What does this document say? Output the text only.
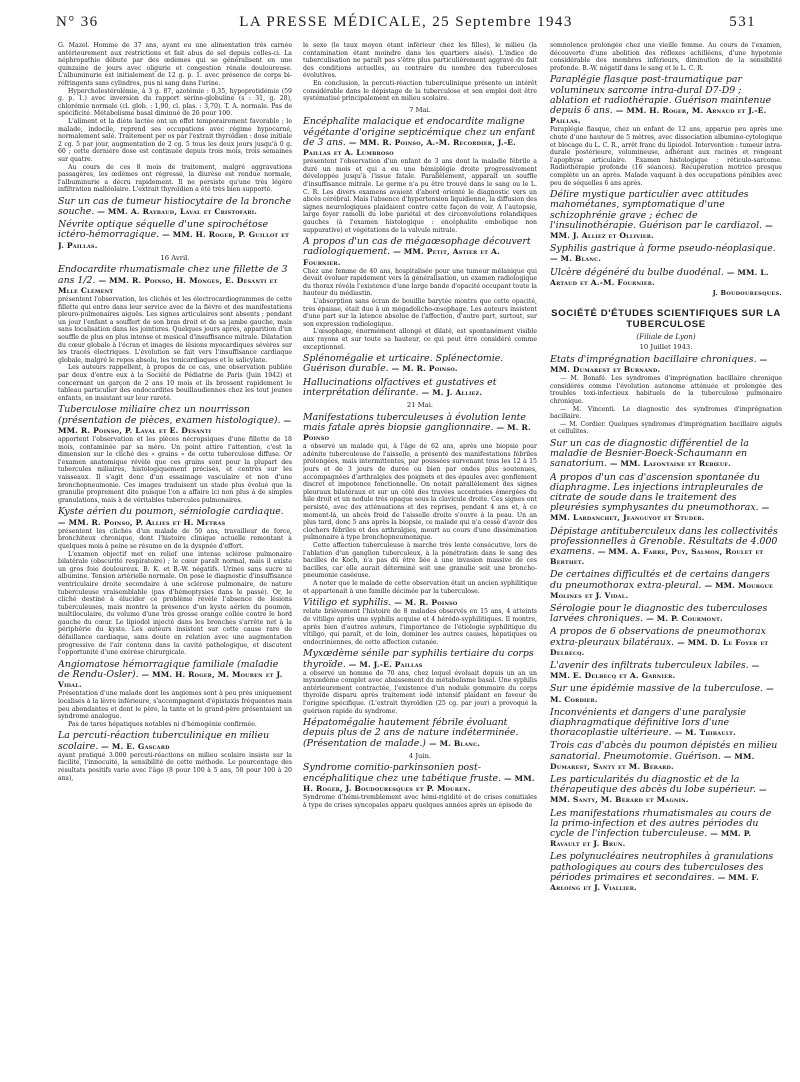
N° 36	LA PRESSE MÉDICALE, 25 Septembre 1943	531

G. Mazel. Homme de 37 ans, ayant eu une alimentation très carnée antérieurement aux restrictions et fait abus de sel depuis celles-ci. La néphropathie débute par des œdèmes qui se généralisent en une quinzaine de jours avec oligurie et congestion rénale douloureuse. L'albuminurie est initialement de 12 g. p. 1. avec présence de corps bi-réfringents sans cylindres, pus ni sang dans l'urine.

Hypercholestérolémie, à 3 g. 87, azotémie : 0,35, hypoprotidémie (59 g. p. 1.) avec inversion du rapport sérine-globuline (s : 31, g. 28), chlorémie normale (cl. glob. : 1,90, cl. plas. : 3,70). T. A. normale. Pas de spécificité. Métabolisme basal diminué de 26 pour 100.

L'aliment et la diète lactée ont un effet temporairement favorable ; le malade, indocile, reprend ses occupations avec régime hypocarné, normalement salé. Traitement per os par l'extrait thyroïdien : dose initiale 2 cg. 5 par jour, augmentation de 2 cg. 5 tous les deux jours jusqu'à 0 g. 60 ; cette dernière dose est continuée depuis trois mois, trois semaines sur quatre.

Au cours de ces 8 mois de traitement, malgré aggravations passagères, les œdèmes ont régressé, la diurèse est rendue normale, l'albuminurie a décru rapidement. Il ne persiste qu'une très légère infiltration malléolaire. L'extrait thyroïdien a été très bien supporté.

Sur un cas de tumeur histiocytaire de la bronche souche. — MM. A. Raybaud, Laval et Cristofari.

Névrite optique séquelle d'une spirochétose ictéro-hémorragique. — MM. H. Roger, P. Guillot et J. Paillas.

16 Avril.

Endocardite rhumatismale chez une fillette de 3 ans 1/2. — MM. R. Poinso, H. Monges, E. Desanti et Mlle Clément

présentent l'observation, les clichés et les électrocardiogrammes de cette fillette qui entre dans leur service avec de la fièvre et des manifestations pleuro-pulmonaires aiguës. Les signes articulaires sont absents ; pendant un jour l'enfant a souffert de son bras droit et de sa jambe gauche, mais sans localisation dans les jointures. Quelques jours après, apparition d'un souffle de plus en plus intense et musical d'insuffisance mitrale. Dilatation du cœur globale à l'écran et images de lésions myocardiques sévères sur les tracés électriques. L'évolution se fait vers l'insuffisance cardiaque globale, malgré le repos absolu, les tonicardiaques et le salicylate.

Les auteurs rappellent, à propos de ce cas, une observation publiée par deux d'entre eux à la Société de Pédiatrie de Paris (Juin 1942) et concernant un garçon de 2 ans 10 mois et ils brossent rapidement le tableau particulier des endocardites bouillaudiennes chez les tout jeunes enfants, en insistant sur leur rareté.

Tuberculose miliaire chez un nourrisson (présentation de pièces, examen histologique). — MM. R. Poinso, P. Laval et E. Desanti

apportent l'observation et les pièces nécropsiques d'une fillette de 18 mois, contaminée par sa mère. Un point attire l'attention, c'est la dimension sur le cliché des « grains » de cette tuberculose diffuse. Or l'examen anatomique révèle que ces grains sont pour la plupart des tubercules miliaires, histologiquement précisés, et centrés sur les vaisseaux. Il s'agit donc d'un essaimage vasculaire et non d'une bronchopneumonie. Ces images traduisent un stade plus évolué que la granulie proprement dite puisque l'on a affaire ici non plus à de simples granulations, mais à de véritables tubercules pulmonaires.

Kyste aérien du poumon, sémiologie cardiaque. — MM. R. Poinso, P. Allies et H. Metras

présentent les clichés d'un malade de 50 ans, travailleur de force, bronchiteux chronique, dont l'histoire clinique actuelle remontant à quelques mois à peine se résume en de la dyspnée d'effort.

L'examen objectif met en relief une intense sclérose pulmonaire bilatérale (obscurité respiratoire) ; le cœur paraît normal, mais il existe un gros foie douloureux. B. K. et B.-W. négatifs. Urines sans sucre ni albumine. Tension artérielle normale. On pose le diagnostic d'insuffisance ventriculaire droite secondaire à une sclérose pulmonaire, de nature tuberculeuse vraisemblable (pas d'hémoptysies dans le passé). Or, le cliché destiné à élucider ce problème révèle l'absence de lésions tuberculeuses, mais montre la présence d'un kyste aérien du poumon, multiloculaire, du volume d'une très grosse orange collée contre le bord gauche du cœur. Le lipiodol injecté dans les bronches s'arrête net à la périphérie du kyste. Les auteurs insistent sur cette cause rare de défaillance cardiaque, sans doute en relation avec une augmentation progressive de l'air contenu dans la cavité pathologique, et discutent l'opportunité d'une exérèse chirurgicale.

Angiomatose hémorragique familiale (maladie de Rendu-Osler). — MM. H. Roger, M. Mouren et J. Vidal.

Présentation d'une malade dont les angiomes sont à peu près uniquement localisés à la lèvre inférieure, s'accompagnent d'épistaxis fréquentes mais peu abondantes et dont le père, la tante et le grand-père présentaient un syndrome analogue.

Pas de tares hépatiques notables ni d'hémogénie confirmée.

La percuti-réaction tuberculinique en milieu scolaire. — M. E. Gascard

ayant pratiqué 3.000 percuti-réactions en milieu scolaire insiste sur la facilité, l'innocuité, la sensibilité de cette méthode. Le pourcentage des résultats positifs varie avec l'âge (8 pour 100 à 5 ans, 58 pour 100 à 20 ans),

le sexe (le taux moyen étant inférieur chez les filles), le milieu (la contamination étant moindre dans les quartiers aisés). L'indice de tuberculisation ne paraît pas s'être plus particulièrement aggravé du fait des conditions actuelles, au contraire du nombre des tuberculoses évolutives.

En conclusion, la percuti-réaction tuberculinique présente un intérêt considérable dans le dépistage de la tuberculose et son emploi doit être systématisé principalement en milieu scolaire.

7 Mai.

Encéphalite malacique et endocardite maligne végétante d'origine septicémique chez un enfant de 3 ans. — MM. R. Poinso, A.-M. Recordier, J.-E. Paillas et A. Lumbroso

présentent l'observation d'un enfant de 3 ans dont la maladie fébrile a duré un mois et qui a eu une hémiplégie droite progressivement développée jusqu'à l'issue fatale. Parallèlement, apparaît un souffle d'insuffisance mitrale. Le germe n'a pu être trouvé dans le sang ou le L. C. R. Les divers examens avaient d'abord orienté le diagnostic vers un abcès cérébral. Mais l'absence d'hypertension liquidienne, la diffusion des signes neurologiques plaidaient contre cette façon de voir. A l'autopsie, large foyer ramolli du lobe pariétal et des circonvolutions rolandiques gauches (à l'examen histologique : encéphalite embolique non suppurative) et végétations de la valvule mitrale.

A propos d'un cas de mégaœsophage découvert radiologiquement. — MM. Petit, Astier et A. Fournier.

Chez une femme de 40 ans, hospitalisée pour une tumeur mélanique qui devait évoluer rapidement vers la généralisation, un examen radiologique du thorax révéla l'existence d'une large bande d'opacité occupant toute la hauteur du médiastin.

L'absorption sans écran de bouillie barytée montra que cette opacité, très épaisse, était due à un mégadolicho-œsophage. Les auteurs insistent d'une part sur la latence absolue de l'affection, d'autre part, surtout, sur son expression radiologique.

L'œsophage, énormément allongé et dilaté, est spontanément visible aux rayons et sur toute sa hauteur, ce qui peut être considéré comme exceptionnel.

Splénomégalie et urticaire. Splénectomie. Guérison durable. — M. R. Poinso.

Hallucinations olfactives et gustatives et interprétation délirante. — M. J. Alliez.

21 Mai.

Manifestations tuberculeuses à évolution lente mais fatale après biopsie ganglionnaire. — M. R. Poinso

a observé un malade qui, à l'âge de 62 ans, après une biopsie pour adénite tuberculeuse de l'aisselle, a présenté des manifestations fébriles prolongées, mais intermittentes, par poussées survenant tous les 12 à 15 jours et de 3 jours de durée ou bien par ondes plus soutenues, accompagnées d'arthralgies des poignets et des épaules avec gonflement discret et impotence fonctionnelle. On notait parallèlement des signes pleuraux bilatéraux et sur un côté des travées accentuées émergées du hile droit et un nodule très opaque sous la clavicule droite. Ces signes ont persisté, avec des atténuations et des reprises, pendant 4 ans et, à ce moment-là, un abcès froid de l'aisselle droite s'ouvre à la peau. Un an plus tard, donc 5 ans après la biopsie, ce malade qui n'a cessé d'avoir des clochers fébriles et des arthralgies, meurt au cours d'une dissémination pulmonaire à type bronchopneumonique.

Cette affection tuberculeuse à marche très lente consécutive, lors de l'ablation d'un ganglion tuberculeux, à la pénétration dans le sang des bacilles de Koch, n'a pas dû être liée à une invasion massive de ces bacilles, car elle aurait déterminé soit une granulie soit une broncho-pneumonie caséeuse.

A noter que le malade de cette observation était un ancien syphilitique et appartenait à une famille décimée par la tuberculose.

Vitiligo et syphilis. — M. R. Poinso

relate brièvement l'histoire de 8 malades observés en 15 ans, 4 atteints de vitiligo après une syphilis acquise et 4 hérédo-syphilitiques. Il montre, après bien d'autres auteurs, l'importance de l'étiologie syphilitique du vitiligo, qui paraît, et de loin, dominer les autres causes, hépatiques ou endocriniennes, de cette affection cutanée.

Myxœdème sénile par syphilis tertiaire du corps thyroïde. — M. J.-E. Paillas

a observé un homme de 70 ans, chez lequel évoluait depuis un an un myxœdème complet avec abaissement du métabolisme basal. Une syphilis antérieurement contractée, l'existence d'un nodule gommaire du corps thyroïde disparu après traitement iodé intensif plaidant en faveur de l'origine spécifique. (L'extrait thyroïdien (25 cg. par jour) a provoqué la guérison rapide du syndrome.

Hépatomégalie hautement fébrile évoluant depuis plus de 2 ans de nature indéterminée. (Présentation de malade.) — M. Blanc.

4 Juin.

Syndrome comitio-parkinsonien post-encéphalitique chez une tabétique fruste. — MM. H. Roger, J. Boudouresques et P. Mouren.

Syndrome d'hémi-tremblement avec hémi-rigidité et de crises comitiales à type de crises syncopales apparu quelques années après un épisode de

somnolence prolongée chez une vieille femme. Au cours de l'examen, découverte d'une abolition des réflexes achilléens, d'une hypotonie considérable des membres inférieurs, diminution de la sensibilité profonde. B.-W. négatif dans le sang et le L. C. R.

Paraplégie flasque post-traumatique par volumineux sarcome intra-dural D7-D9 ; ablation et radiothérapie. Guérison maintenue depuis 6 ans. — MM. H. Roger, M. Arnaud et J.-E. Paillas.

Paraplégie flasque, chez un enfant de 12 ans, apparue peu après une chute d'une hauteur de 5 mètres, avec dissociation albumino-cytologique et blocage du L. C. R., arrêt franc du lipiodol. Intervention : tumeur intra-durale postérieure, volumineuse, adhérant aux racines et rongeant l'apophyse articulaire. Examen histologique : réticulo-sarcome. Radiothérapie profonde (16 séances). Récupération motrice presque complète un an après. Malade vaquant à des occupations pénibles avec peu de séquelles 6 ans après.

Délire mystique particulier avec attitudes mahométanes, symptomatique d'une schizophrénie grave ; échec de l'insulinothérapie. Guérison par le cardiazol. — MM. J. Alliez et Ollivier.

Syphilis gastrique à forme pseudo-néoplasique. — M. Blanc.

Ulcère dégénéré du bulbe duodénal. — MM. L. Artaud et A.-M. Fournier.

J. Boudouresques.

SOCIÉTÉ D'ÉTUDES SCIENTIFIQUES SUR LA TUBERCULOSE
(Filiale de Lyon)

10 Juillet 1943.

Etats d'imprégnation bacillaire chroniques. — MM. Dumarest et Burnand.

— M. Bonafé. Les syndromes d'imprégnation bacillaire chronique considérés comme l'évolution autonome atténuée et prolongée des troubles toxi-infectieux habituels de la tuberculose pulmonaire chronique.

— M. Vincenti. Le diagnostic des syndromes d'imprégnation bacillaire.

— M. Cordier. Quelques syndromes d'imprégnation bacillaire aiguës et cellulites.

Sur un cas de diagnostic différentiel de la maladie de Besnier-Boeck-Schaumann en sanatorium. — MM. Lafontaine et Rebœuf.

A propos d'un cas d'ascension spontanée du diaphragme. Les injections intrapleurales de citrate de soude dans le traitement des pleurésies symphysantes du pneumothorax. — MM. Lardanchet, Jeanguyot et Studer.

Dépistage antituberculeux dans les collectivités professionnelles à Grenoble. Résultats de 4.000 examens. — MM. A. Fabre, Puy, Salmon, Roulet et Berthet.

De certaines difficultés et de certains dangers du pneumothorax extra-pleural. — MM. Mourgue Molines et J. Vidal.

Sérologie pour le diagnostic des tuberculoses larvées chroniques. — M. P. Courmont.

A propos de 6 observations de pneumothorax extra-pleuraux bilatéraux. — MM. D. Le Foyer et Delbecq.

L'avenir des infiltrats tuberculeux labiles. — MM. E. Delbecq et A. Garnier.

Sur une épidémie massive de la tuberculose. — M. Cordier.

Inconvénients et dangers d'une paralysie diaphragmatique définitive lors d'une thoracoplastie ultérieure. — M. Thibault.

Trois cas d'abcès du poumon dépistés en milieu sanatorial. Pneumotomie. Guérison. — MM. Dumarest, Santy et M. Bérard.

Les particularités du diagnostic et de la thérapeutique des abcès du lobe supérieur. — MM. Santy, M. Bérard et Magnin.

Les manifestations rhumatismales au cours de la primo-infection et des autres périodes du cycle de l'infection tuberculeuse. — MM. P. Ravault et J. Brun.

Les polynucléaires neutrophiles à granulations pathologiques au cours des tuberculoses des périodes primaires et secondaires. — MM. F. Arloing et J. Viallier.
